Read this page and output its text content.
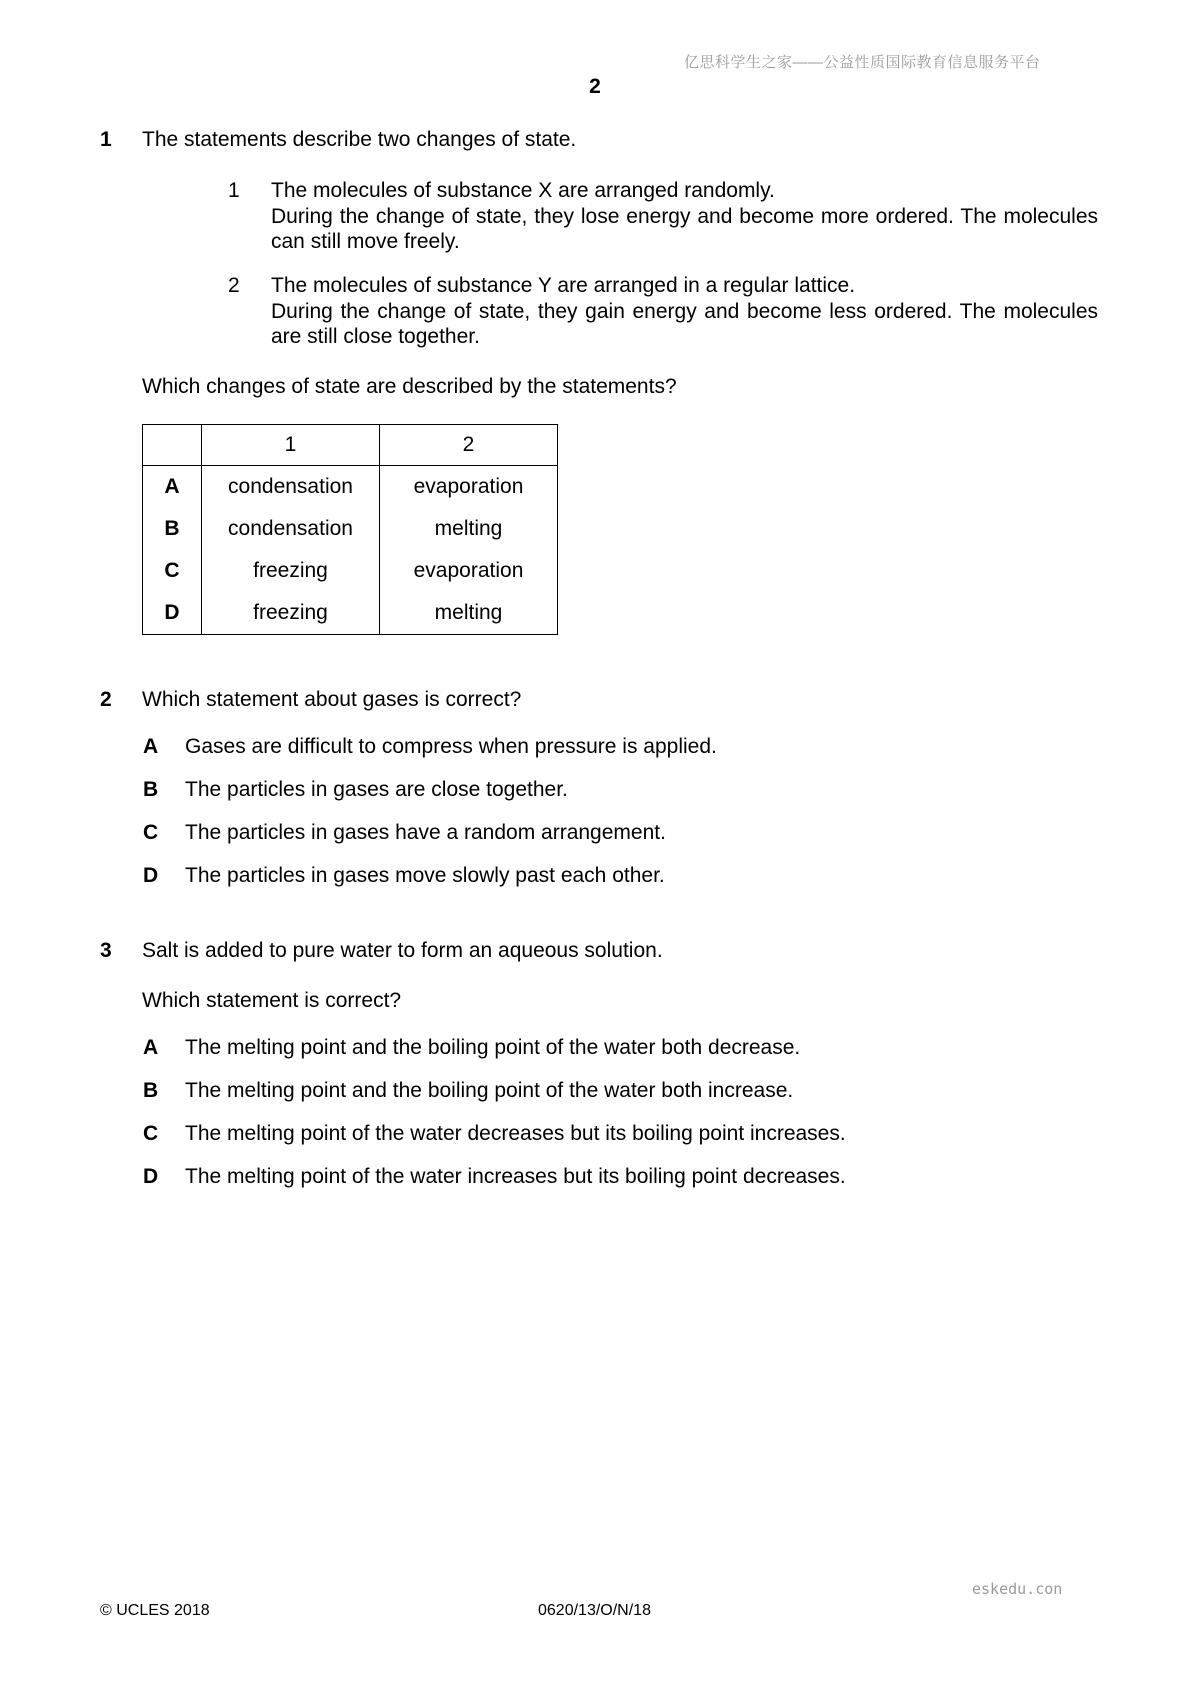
亿思科学生之家——公益性质国际教育信息服务平台
2
1 The statements describe two changes of state.
1 The molecules of substance X are arranged randomly.
During the change of state, they lose energy and become more ordered. The molecules can still move freely.
2 The molecules of substance Y are arranged in a regular lattice.
During the change of state, they gain energy and become less ordered. The molecules are still close together.
Which changes of state are described by the statements?
	1	2
A	condensation	evaporation
B	condensation	melting
C	freezing	evaporation
D	freezing	melting
2 Which statement about gases is correct?
A Gases are difficult to compress when pressure is applied.
B The particles in gases are close together.
C The particles in gases have a random arrangement.
D The particles in gases move slowly past each other.
3 Salt is added to pure water to form an aqueous solution.
Which statement is correct?
A The melting point and the boiling point of the water both decrease.
B The melting point and the boiling point of the water both increase.
C The melting point of the water decreases but its boiling point increases.
D The melting point of the water increases but its boiling point decreases.
eskedu.con
© UCLES 2018	0620/13/O/N/18
